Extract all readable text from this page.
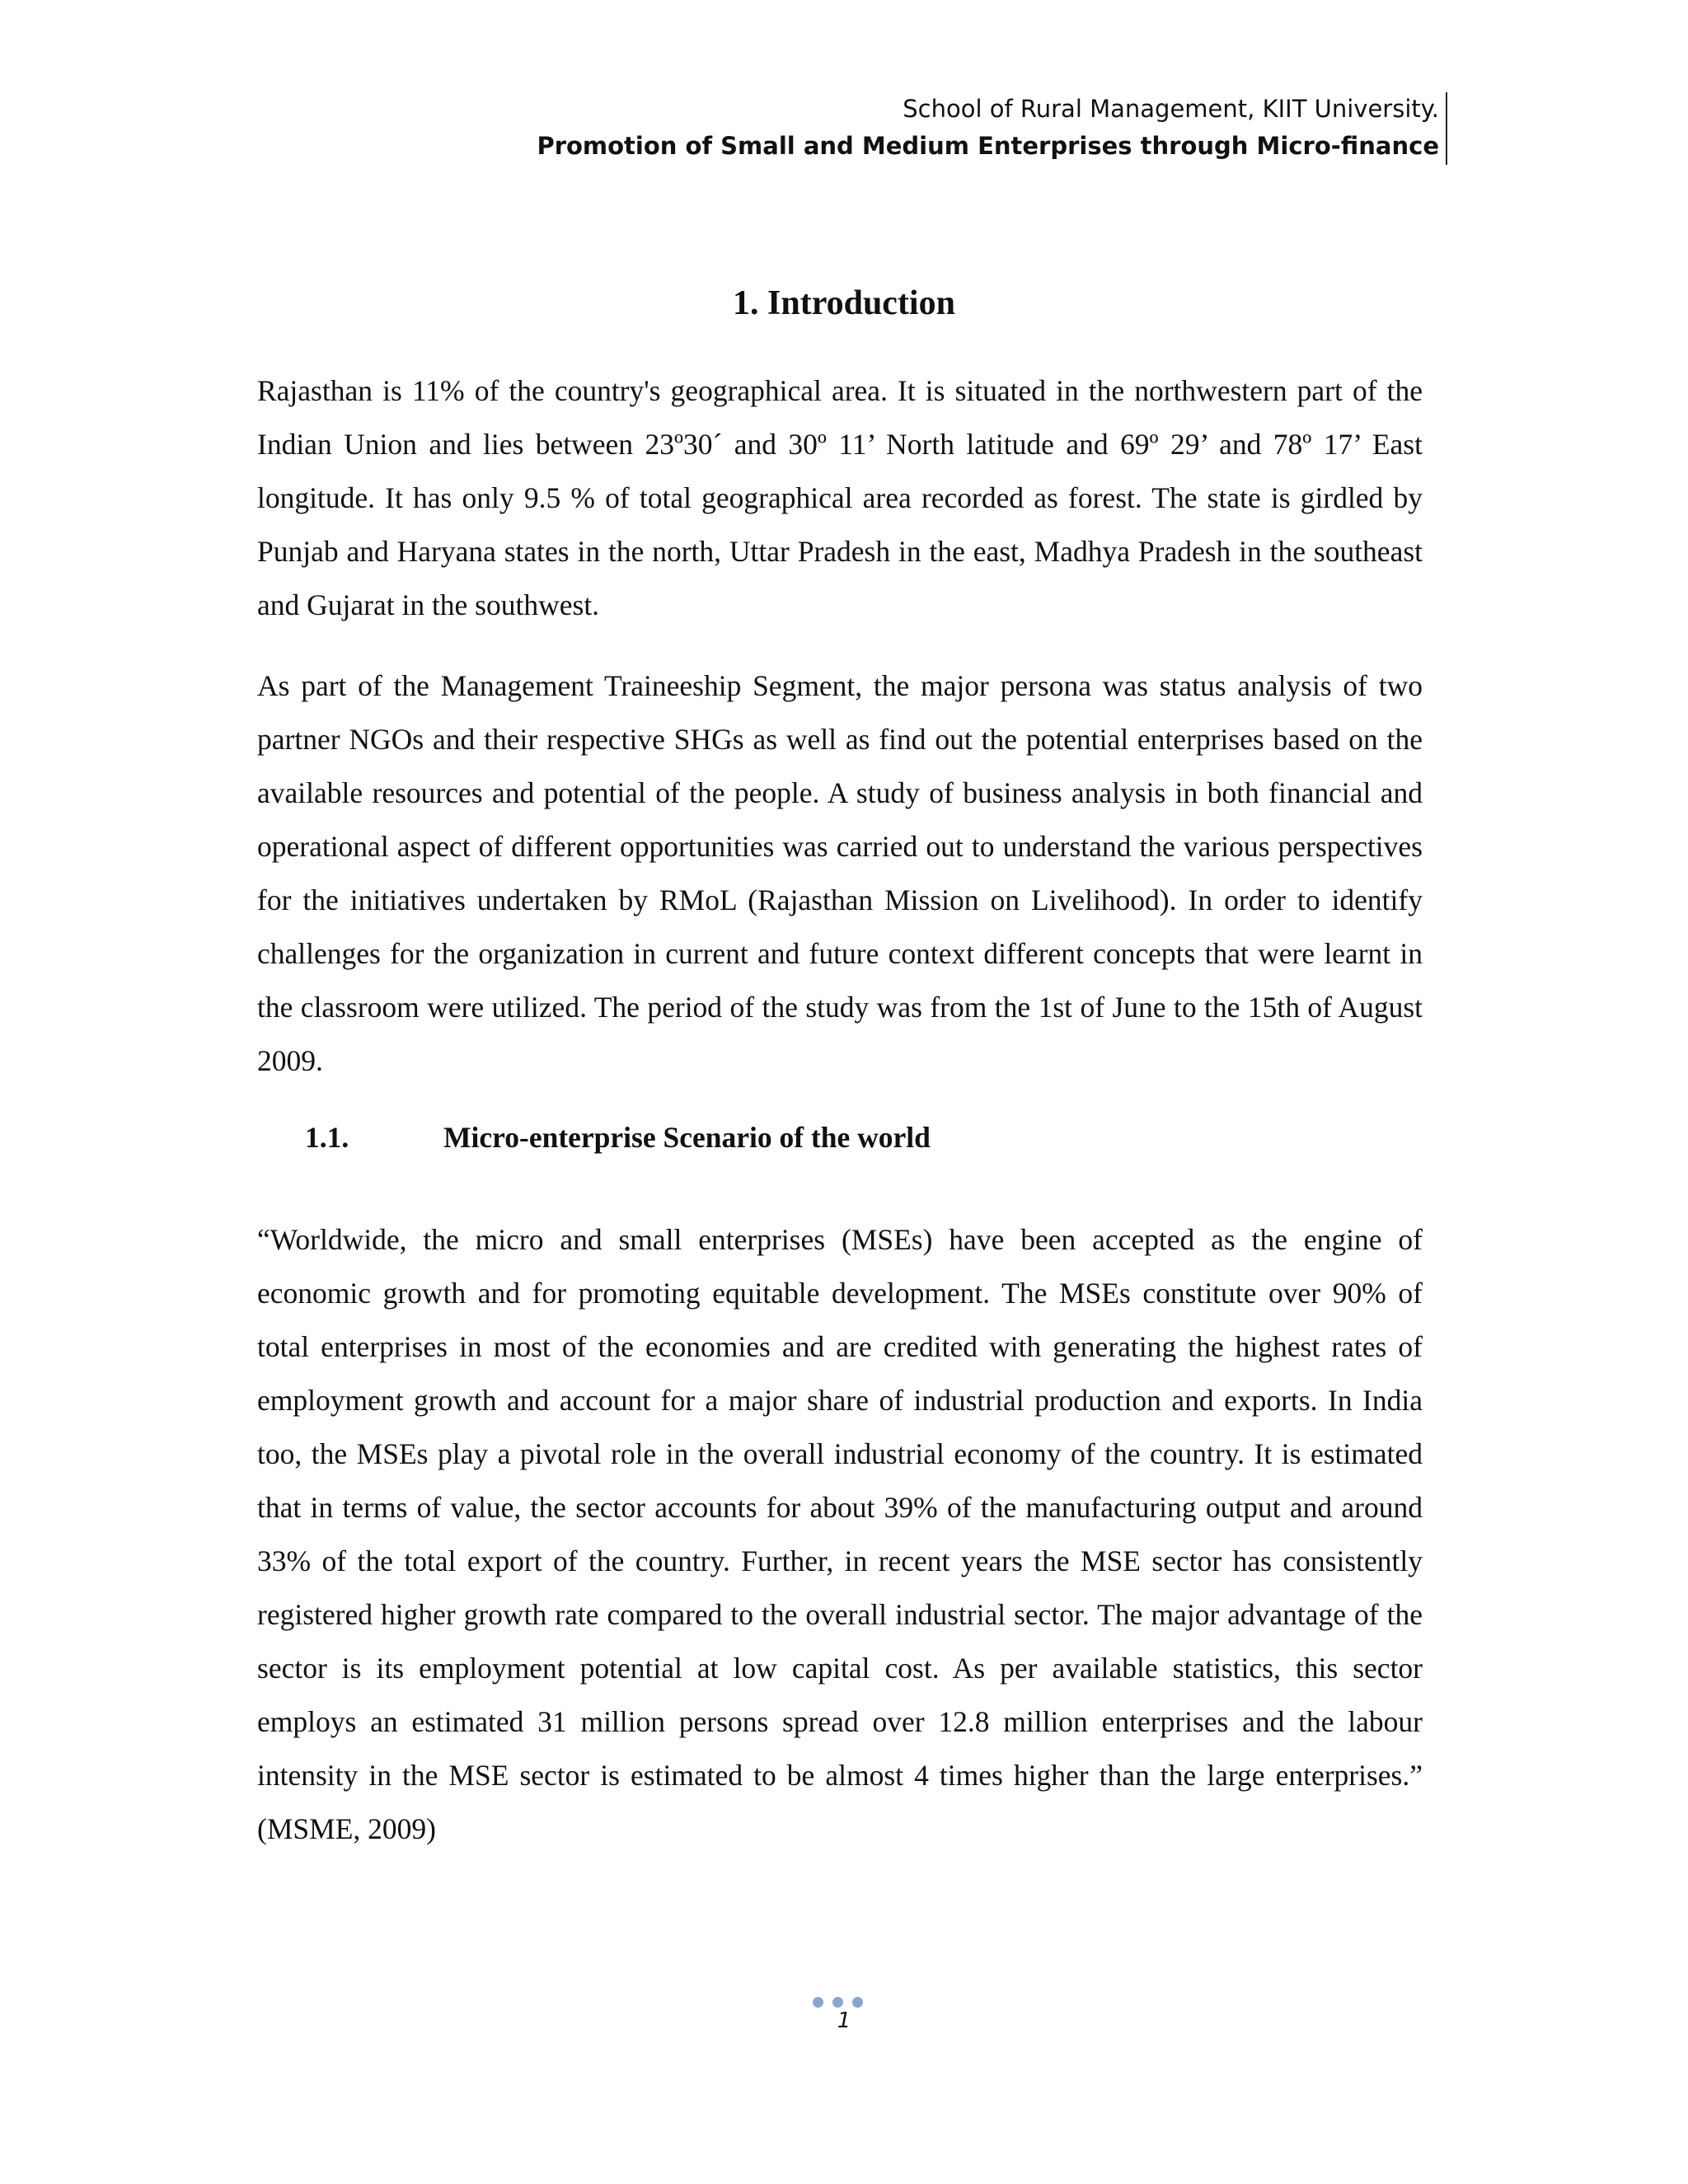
School of Rural Management, KIIT University.
Promotion of Small and Medium Enterprises through Micro-finance
1. Introduction

Rajasthan is 11% of the country's geographical area. It is situated in the northwestern part of the Indian Union and lies between 23º30´ and 30º 11’ North latitude and 69º 29’ and 78º 17’ East longitude. It has only 9.5 % of total geographical area recorded as forest. The state is girdled by Punjab and Haryana states in the north, Uttar Pradesh in the east, Madhya Pradesh in the southeast and Gujarat in the southwest.

As part of the Management Traineeship Segment, the major persona was status analysis of two partner NGOs and their respective SHGs as well as find out the potential enterprises based on the available resources and potential of the people. A study of business analysis in both financial and operational aspect of different opportunities was carried out to understand the various perspectives for the initiatives undertaken by RMoL (Rajasthan Mission on Livelihood). In order to identify challenges for the organization in current and future context different concepts that were learnt in the classroom were utilized. The period of the study was from the 1st of June to the 15th of August 2009.

1.1.	Micro-enterprise Scenario of the world

“Worldwide, the micro and small enterprises (MSEs) have been accepted as the engine of economic growth and for promoting equitable development. The MSEs constitute over 90% of total enterprises in most of the economies and are credited with generating the highest rates of employment growth and account for a major share of industrial production and exports. In India too, the MSEs play a pivotal role in the overall industrial economy of the country. It is estimated that in terms of value, the sector accounts for about 39% of the manufacturing output and around 33% of the total export of the country. Further, in recent years the MSE sector has consistently registered higher growth rate compared to the overall industrial sector. The major advantage of the sector is its employment potential at low capital cost. As per available statistics, this sector employs an estimated 31 million persons spread over 12.8 million enterprises and the labour intensity in the MSE sector is estimated to be almost 4 times higher than the large enterprises.” (MSME, 2009)

1
